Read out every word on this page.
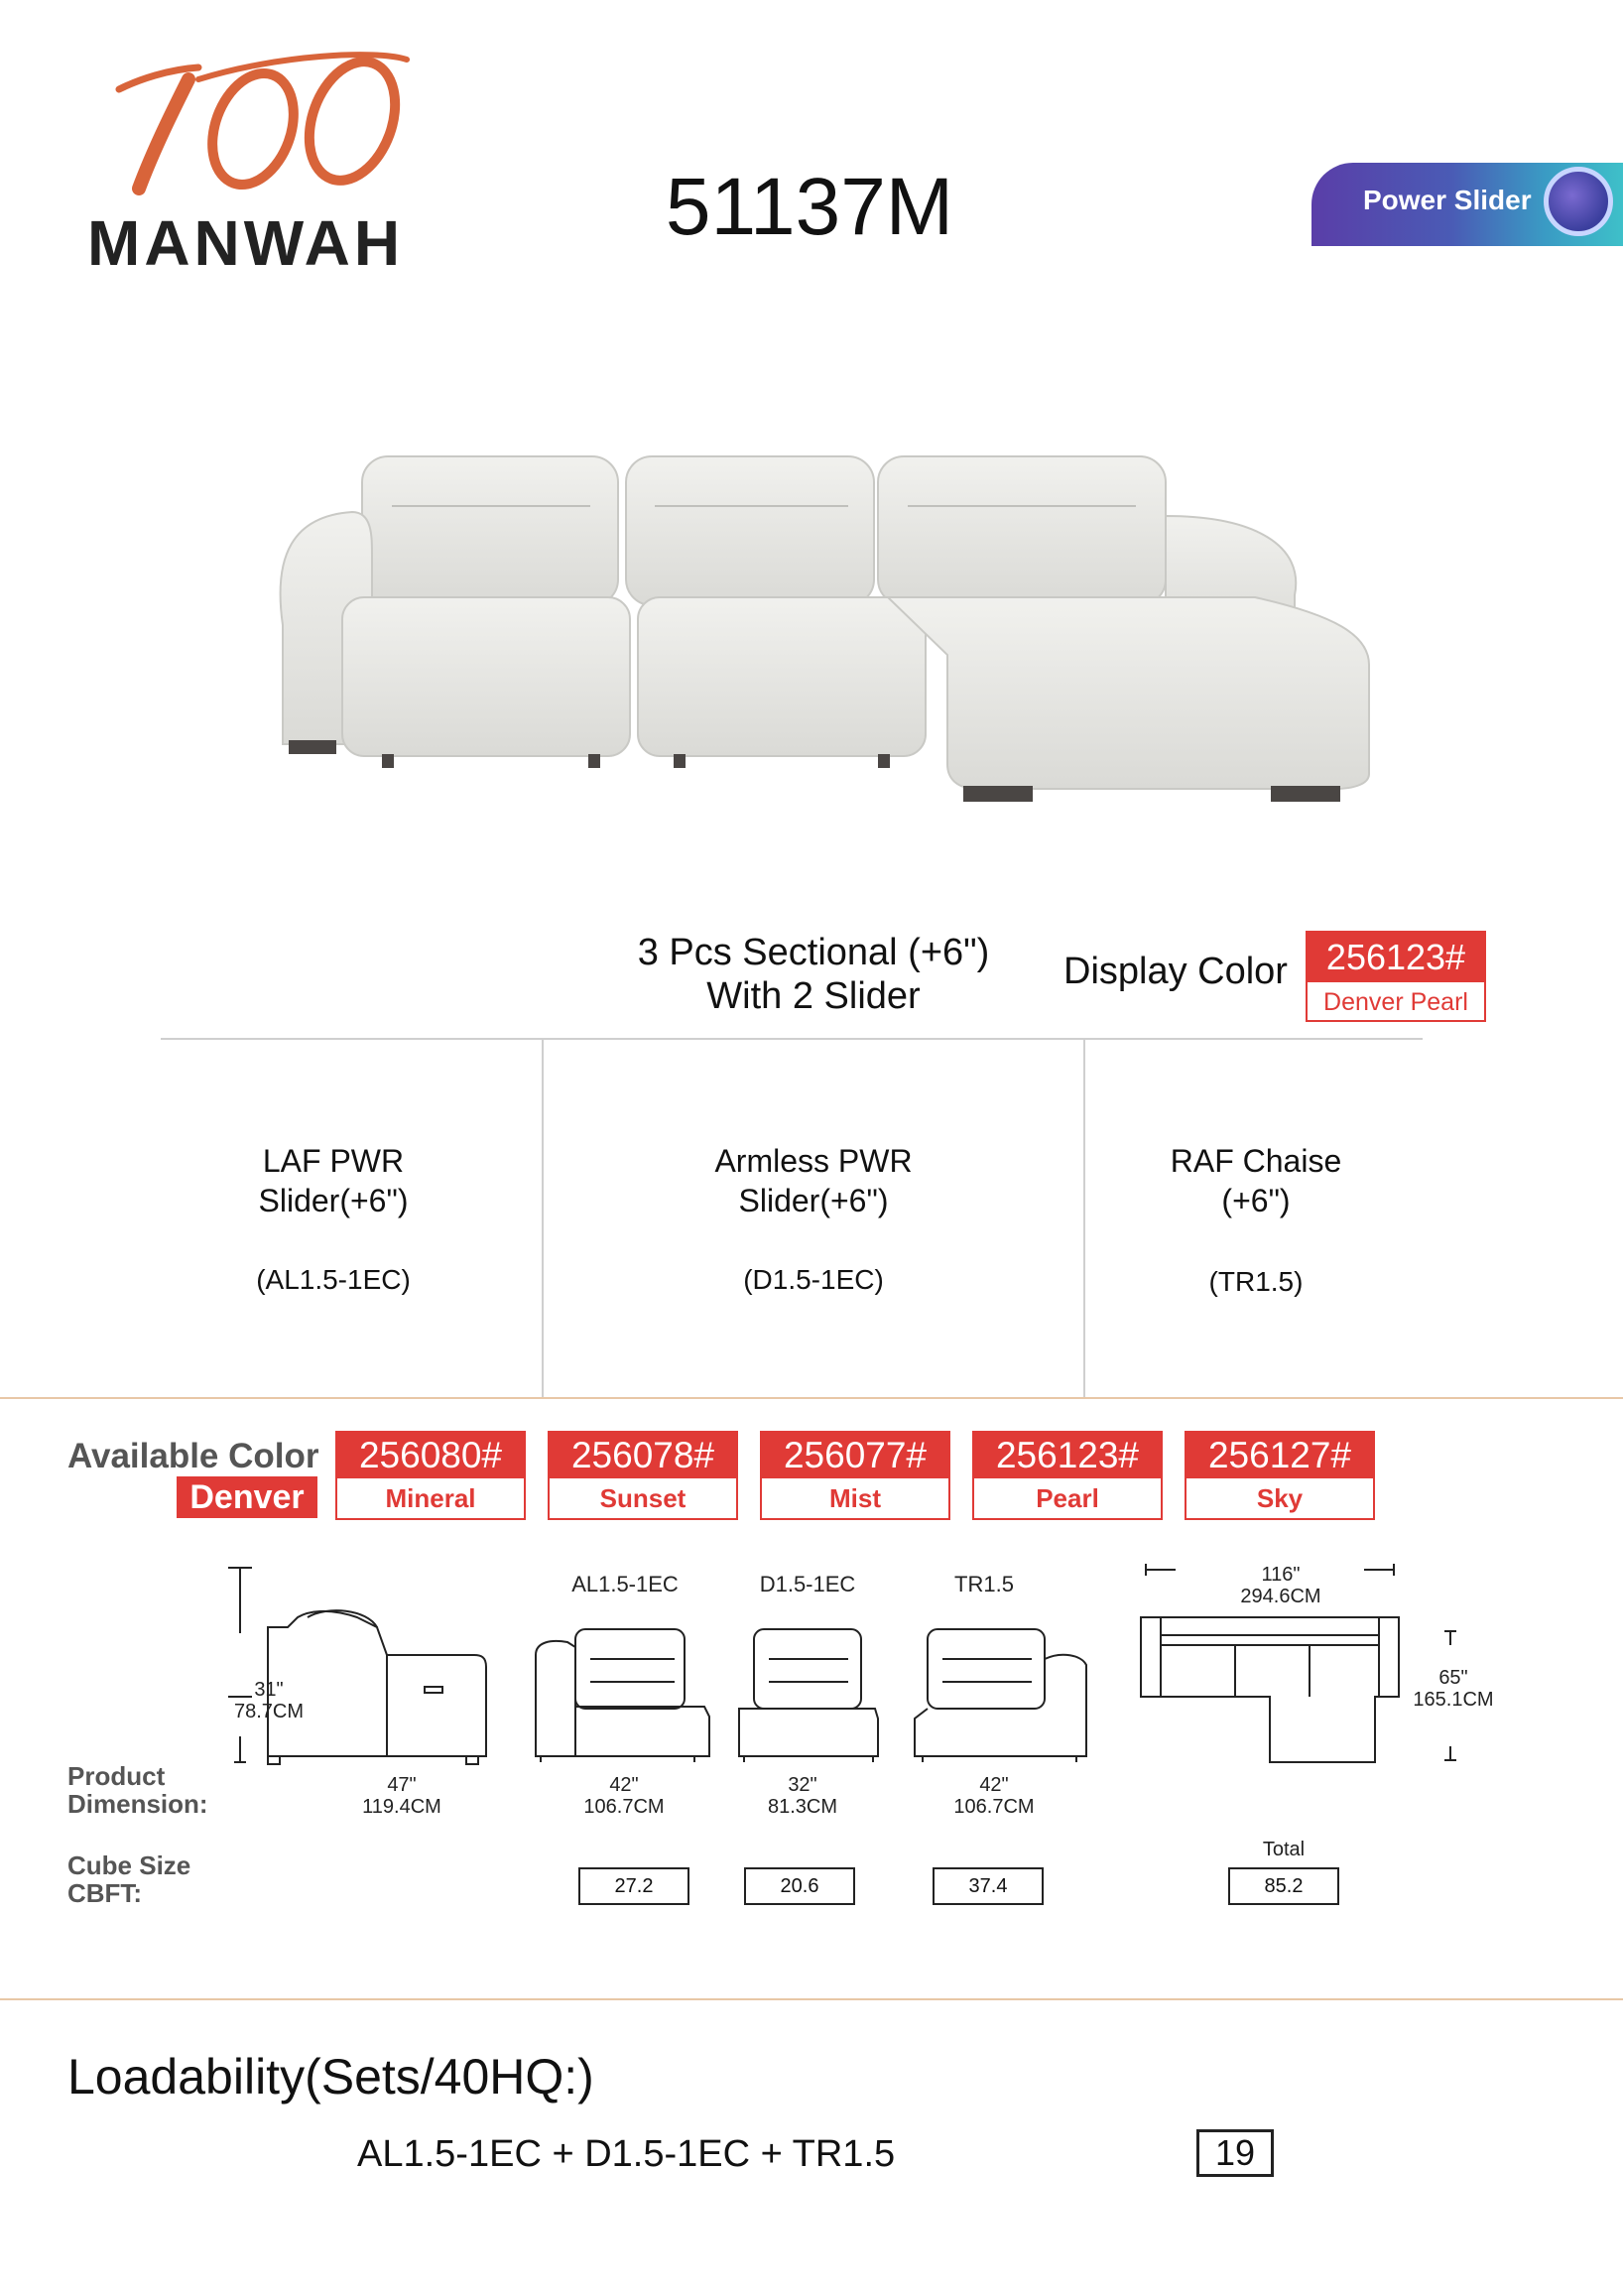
MANWAH	51137M	Power Slider
3 Pcs Sectional (+6")
With 2 Slider
Display Color	256123#
Denver Pearl
LAF PWR
Slider(+6")
(AL1.5-1EC)
Armless PWR
Slider(+6")
(D1.5-1EC)
RAF Chaise
(+6")
(TR1.5)
Available Color
Denver
256080#
Mineral
256078#
Sunset
256077#
Mist
256123#
Pearl
256127#
Sky
AL1.5-1EC	D1.5-1EC	TR1.5
Product
Dimension:
Cube Size
CBFT:
31"
78.7CM
47"
119.4CM
42"
106.7CM
32"
81.3CM
42"
106.7CM
116"
294.6CM
65"
165.1CM
27.2	20.6	37.4
Total
85.2
Loadability(Sets/40HQ:)
AL1.5-1EC + D1.5-1EC + TR1.5	19
